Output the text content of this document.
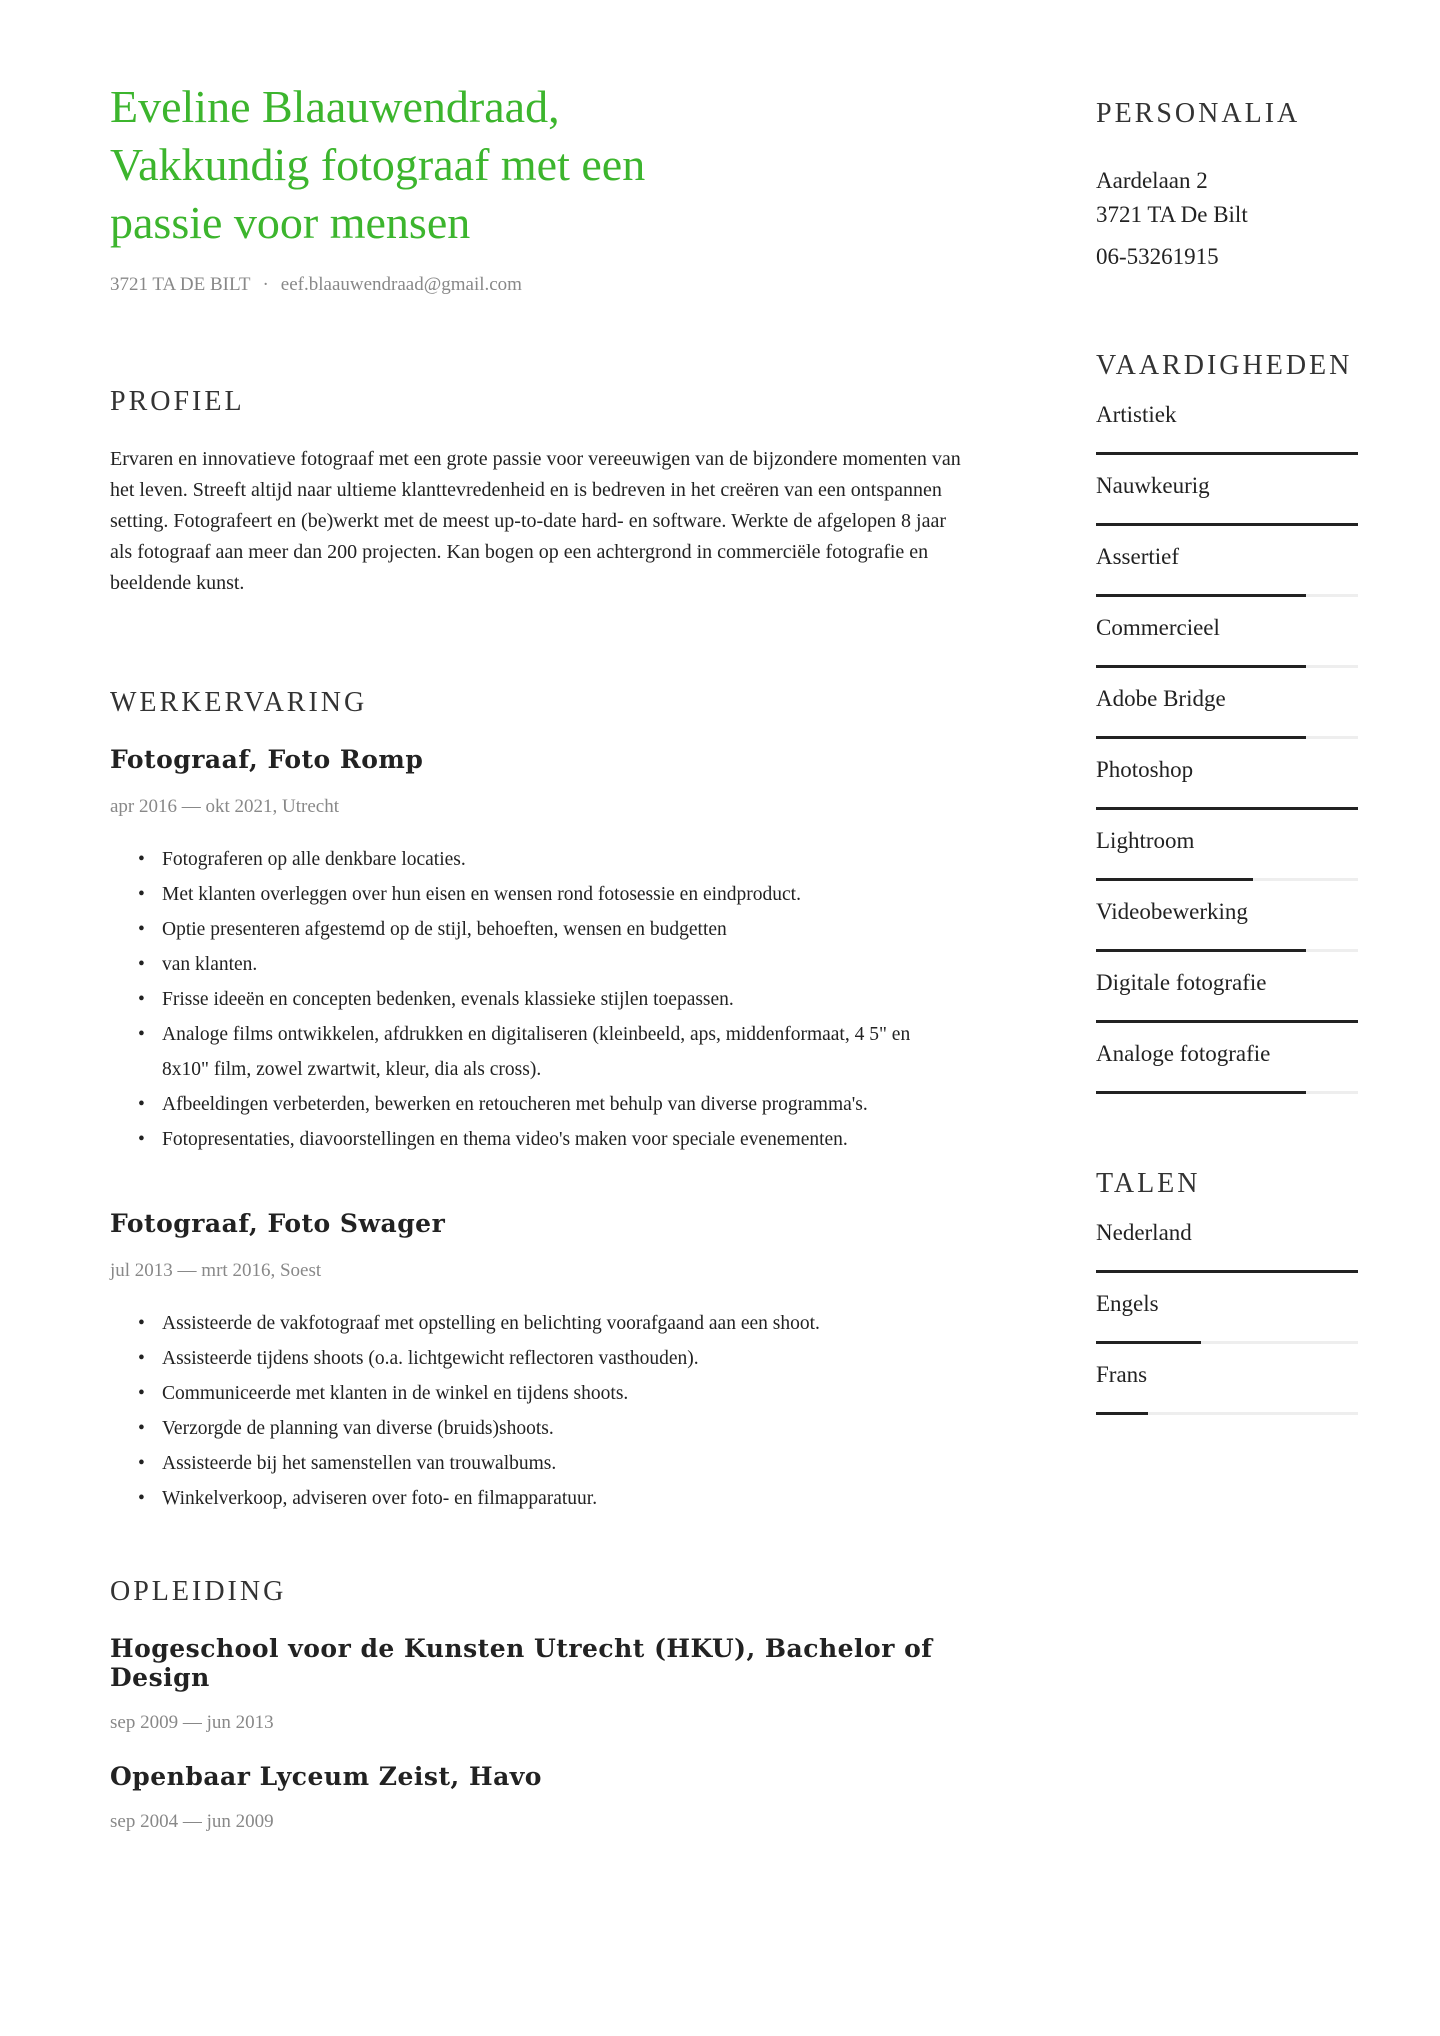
Eveline Blaauwendraad, Vakkundig fotograaf met een passie voor mensen
3721 TA DE BILT · eef.blaauwendraad@gmail.com
PROFIEL

Ervaren en innovatieve fotograaf met een grote passie voor vereeuwigen van de bijzondere momenten van het leven. Streeft altijd naar ultieme klanttevredenheid en is bedreven in het creëren van een ontspannen setting. Fotografeert en (be)werkt met de meest up-to-date hard- en software. Werkte de afgelopen 8 jaar als fotograaf aan meer dan 200 projecten. Kan bogen op een achtergrond in commerciële fotografie en beeldende kunst.

WERKERVARING
Fotograaf, Foto Romp
apr 2016 — okt 2021, Utrecht
• Fotograferen op alle denkbare locaties.
• Met klanten overleggen over hun eisen en wensen rond fotosessie en eindproduct.
• Optie presenteren afgestemd op de stijl, behoeften, wensen en budgetten
• van klanten.
• Frisse ideeën en concepten bedenken, evenals klassieke stijlen toepassen.
• Analoge films ontwikkelen, afdrukken en digitaliseren (kleinbeeld, aps, middenformaat, 4 5" en 8x10" film, zowel zwartwit, kleur, dia als cross).
• Afbeeldingen verbeterden, bewerken en retoucheren met behulp van diverse programma's.
• Fotopresentaties, diavoorstellingen en thema video's maken voor speciale evenementen.
Fotograaf, Foto Swager
jul 2013 — mrt 2016, Soest
• Assisteerde de vakfotograaf met opstelling en belichting voorafgaand aan een shoot.
• Assisteerde tijdens shoots (o.a. lichtgewicht reflectoren vasthouden).
• Communiceerde met klanten in de winkel en tijdens shoots.
• Verzorgde de planning van diverse (bruids)shoots.
• Assisteerde bij het samenstellen van trouwalbums.
• Winkelverkoop, adviseren over foto- en filmapparatuur.
OPLEIDING
Hogeschool voor de Kunsten Utrecht (HKU), Bachelor of Design
sep 2009 — jun 2013
Openbaar Lyceum Zeist, Havo
sep 2004 — jun 2009
PERSONALIA
Aardelaan 2
3721 TA De Bilt
06-53261915
VAARDIGHEDEN
Artistiek
Nauwkeurig
Assertief
Commercieel
Adobe Bridge
Photoshop
Lightroom
Videobewerking
Digitale fotografie
Analoge fotografie
TALEN
Nederland
Engels
Frans
